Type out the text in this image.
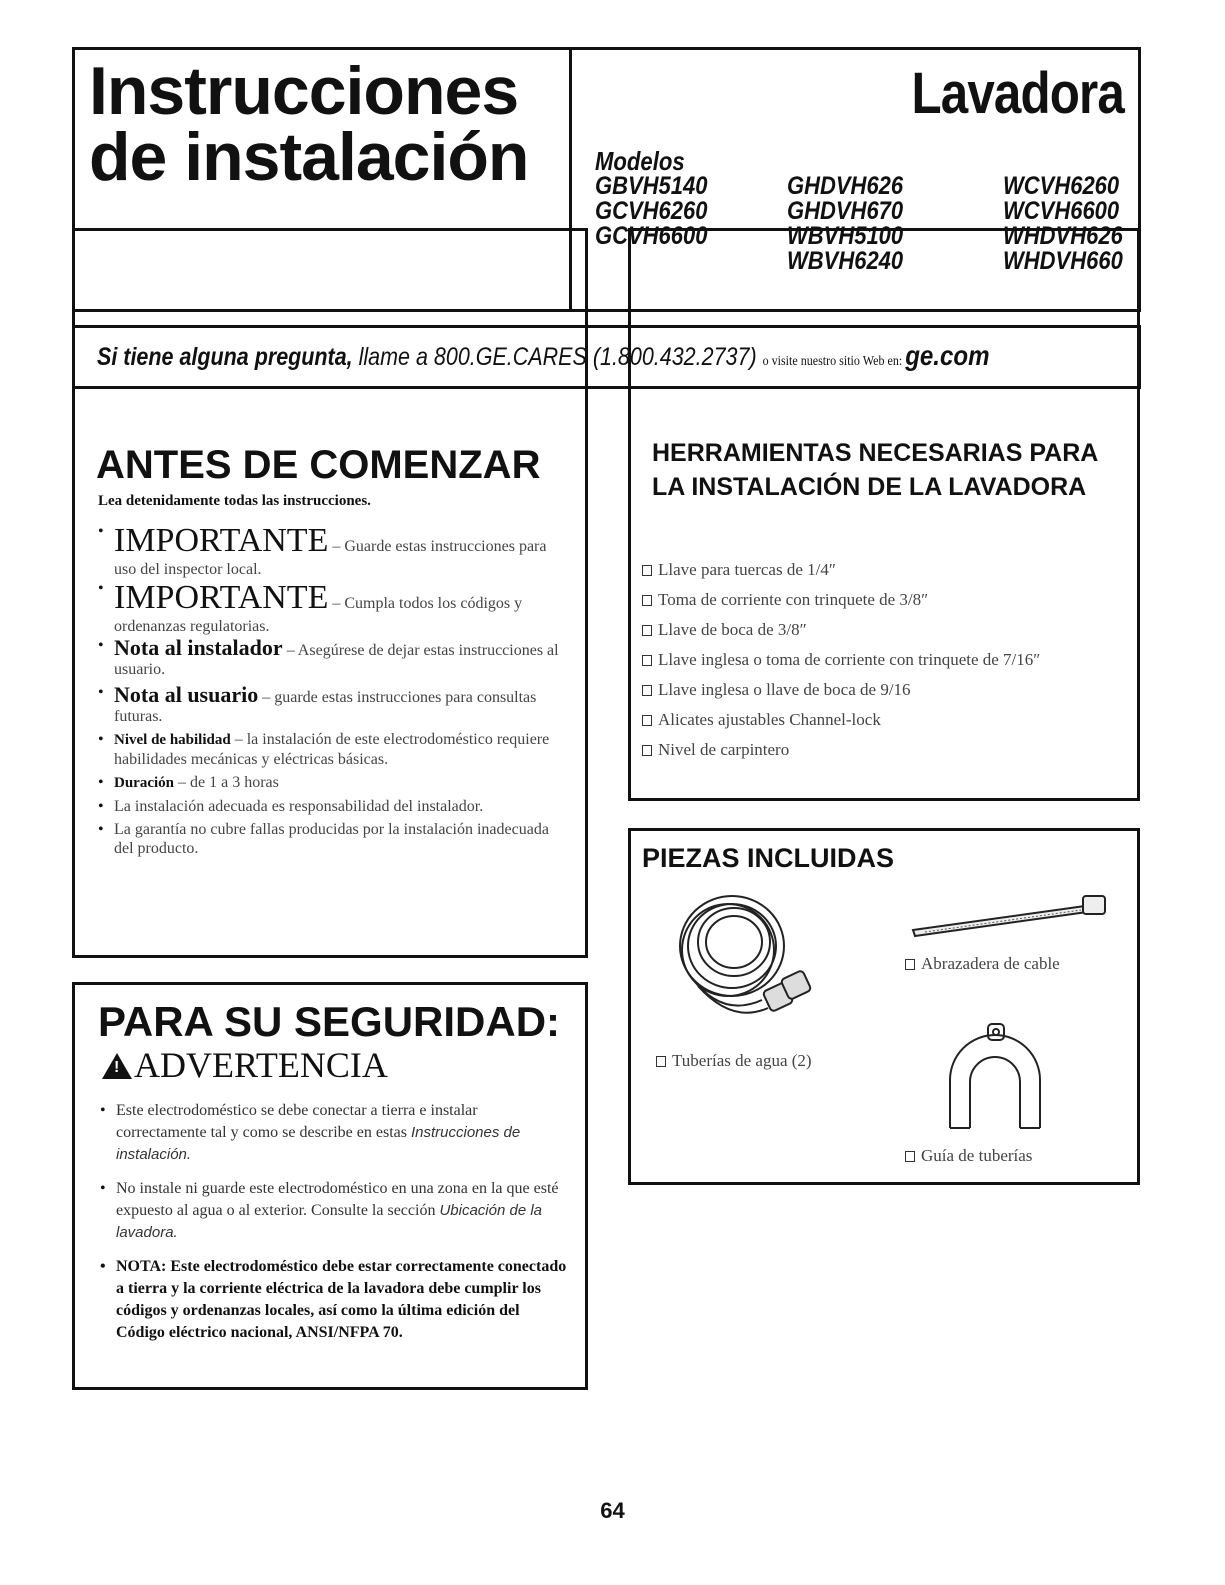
Instrucciones
de instalación
Lavadora
Modelos
GBVH5140
GCVH6260
GCVH6600
GHDVH626
GHDVH670
WBVH5100
WBVH6240
WCVH6260
WCVH6600
WHDVH626
WHDVH660
Si tiene alguna pregunta, llame a 800.GE.CARES (1.800.432.2737) o visite nuestro sitio Web en: ge.com
ANTES DE COMENZAR
Lea detenidamente todas las instrucciones.
• IMPORTANTE – Guarde estas instrucciones para uso del inspector local.
• IMPORTANTE – Cumpla todos los códigos y ordenanzas regulatorias.
• Nota al instalador – Asegúrese de dejar estas instrucciones al usuario.
• Nota al usuario – guarde estas instrucciones para consultas futuras.
• Nivel de habilidad – la instalación de este electrodoméstico requiere habilidades mecánicas y eléctricas básicas.
• Duración – de 1 a 3 horas
• La instalación adecuada es responsabilidad del instalador.
• La garantía no cubre fallas producidas por la instalación inadecuada del producto.
HERRAMIENTAS NECESARIAS PARA LA INSTALACIÓN DE LA LAVADORA
Llave para tuercas de 1/4″
Toma de corriente con trinquete de 3/8″
Llave de boca de 3/8″
Llave inglesa o toma de corriente con trinquete de 7/16″
Llave inglesa o llave de boca de 9/16
Alicates ajustables Channel-lock
Nivel de carpintero
PIEZAS INCLUIDAS
Tuberías de agua (2)
Abrazadera de cable
Guía de tuberías
PARA SU SEGURIDAD:
!ADVERTENCIA
• Este electrodoméstico se debe conectar a tierra e instalar correctamente tal y como se describe en estas Instrucciones de instalación.
• No instale ni guarde este electrodoméstico en una zona en la que esté expuesto al agua o al exterior. Consulte la sección Ubicación de la lavadora.
• NOTA: Este electrodoméstico debe estar correctamente conectado a tierra y la corriente eléctrica de la lavadora debe cumplir los códigos y ordenanzas locales, así como la última edición del Código eléctrico nacional, ANSI/NFPA 70.
64
